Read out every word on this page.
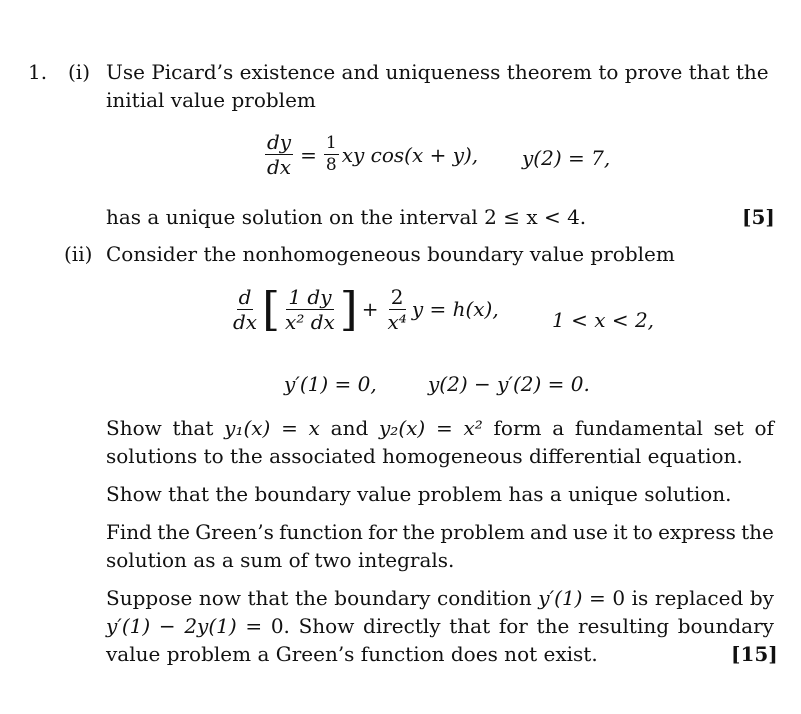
1. (i) Use Picard’s existence and uniqueness theorem to prove that the
initial value problem
$\frac{dy}{dx} = \frac{1}{8}$ xy cos(x + y), y(2) = 7,
has a unique solution on the interval 2 ≤ x < 4.	[5]
(ii) Consider the nonhomogeneous boundary value problem
$\frac{d}{dx}$ [ $\frac{1 dy}{\text{x² dx}}$ ] + $\frac{2}{\text{x⁴}}$ y = h(x),	1 < x < 2,
y′(1) = 0,	y(2) − y′(2) = 0.
Show that y₁(x) = x and y₂(x) = x² form a fundamental set of
solutions to the associated homogeneous differential equation.
Show that the boundary value problem has a unique solution.
Find the Green’s function for the problem and use it to express the
solution as a sum of two integrals.
Suppose now that the boundary condition y′(1) = 0 is replaced by
y′(1) − 2y(1) = 0. Show directly that for the resulting boundary
value problem a Green’s function does not exist.	[15]
